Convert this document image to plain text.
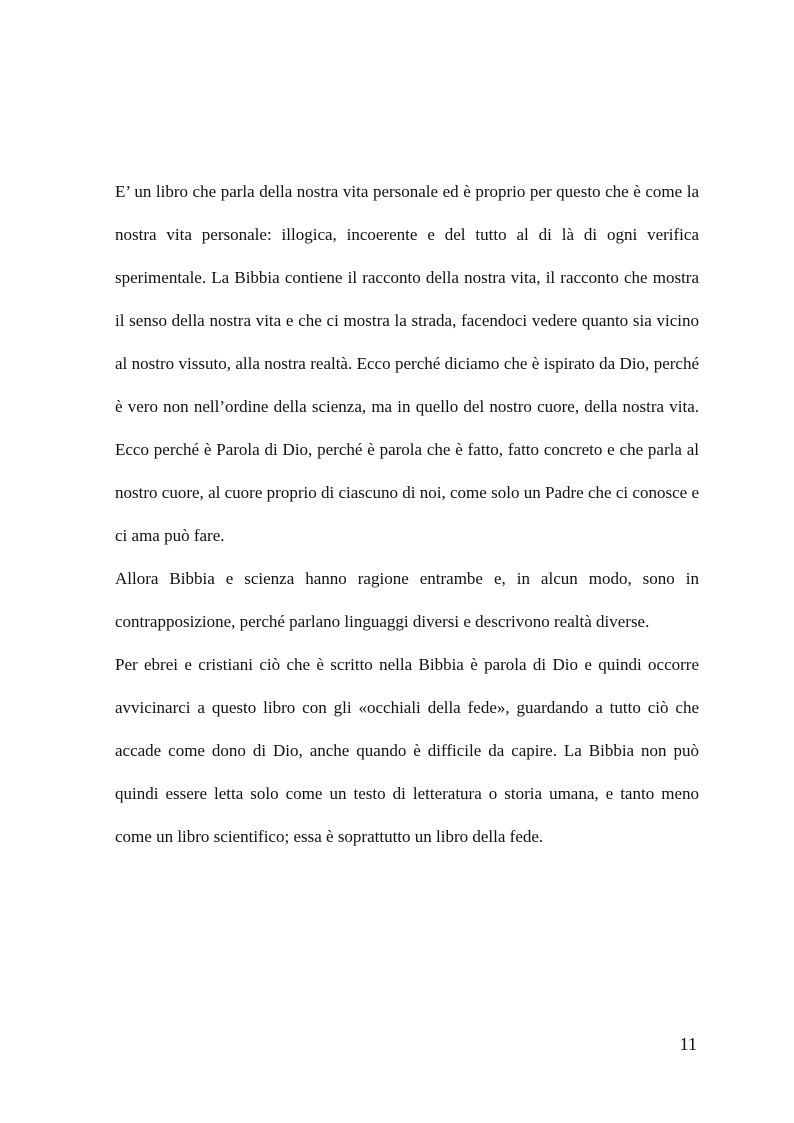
E’ un libro che parla della nostra vita personale ed è proprio per questo che è come la nostra vita personale: illogica, incoerente e del tutto al di là di ogni verifica sperimentale. La Bibbia contiene il racconto della nostra vita, il racconto che mostra il senso della nostra vita e che ci mostra la strada, facendoci vedere quanto sia vicino al nostro vissuto, alla nostra realtà. Ecco perché diciamo che è ispirato da Dio, perché è vero non nell’ordine della scienza, ma in quello del nostro cuore, della nostra vita. Ecco perché è Parola di Dio, perché è parola che è fatto, fatto concreto e che parla al nostro cuore, al cuore proprio di ciascuno di noi, come solo un Padre che ci conosce e ci ama può fare.

Allora Bibbia e scienza hanno ragione entrambe e, in alcun modo, sono in contrapposizione, perché parlano linguaggi diversi e descrivono realtà diverse.

Per ebrei e cristiani ciò che è scritto nella Bibbia è parola di Dio e quindi occorre avvicinarci a questo libro con gli «occhiali della fede», guardando a tutto ciò che accade come dono di Dio, anche quando è difficile da capire. La Bibbia non può quindi essere letta solo come un testo di letteratura o storia umana, e tanto meno come un libro scientifico; essa è soprattutto un libro della fede.

11
